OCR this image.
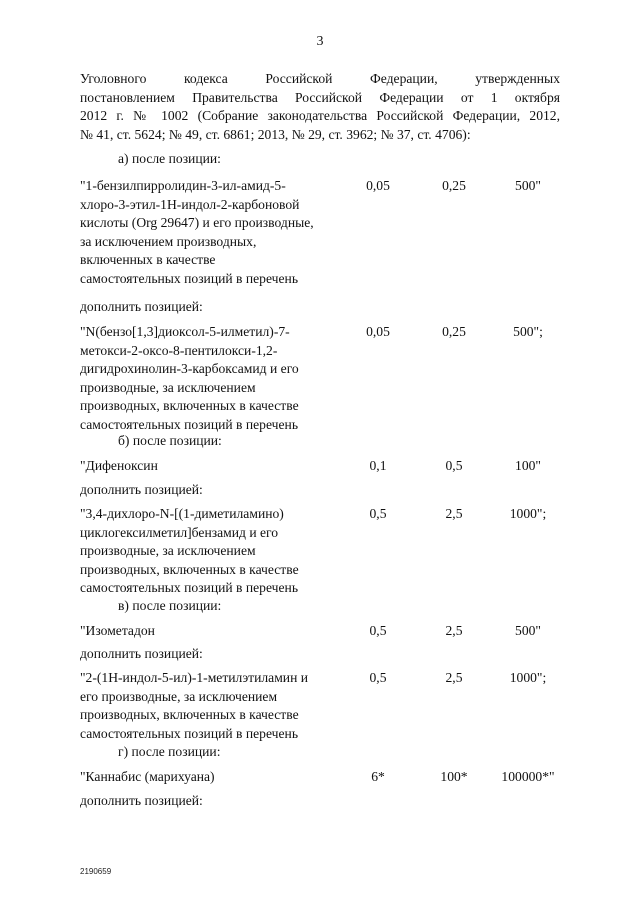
3
Уголовного кодекса Российской Федерации, утвержденных
постановлением Правительства Российской Федерации от 1 октября
2012 г. № 1002 (Собрание законодательства Российской Федерации, 2012,
№ 41, ст. 5624; № 49, ст. 6861; 2013, № 29, ст. 3962; № 37, ст. 4706):
а) после позиции:
"1-бензилпирролидин-3-ил-амид-5-
хлоро-3-этил-1Н-индол-2-карбоновой
кислоты (Org 29647) и его производные,
за исключением производных,
включенных в качестве
самостоятельных позиций в перечень
0,05	0,25	500"
дополнить позицией:
"N(бензо[1,3]диоксол-5-илметил)-7-
метокси-2-оксо-8-пентилокси-1,2-
дигидрохинолин-3-карбоксамид и его
производные, за исключением
производных, включенных в качестве
самостоятельных позиций в перечень
0,05	0,25	500";
б) после позиции:
"Дифеноксин	0,1	0,5	100"
дополнить позицией:
"3,4-дихлоро-N-[(1-диметиламино)
циклогексилметил]бензамид и его
производные, за исключением
производных, включенных в качестве
самостоятельных позиций в перечень
0,5	2,5	1000";
в) после позиции:
"Изометадон	0,5	2,5	500"
дополнить позицией:
"2-(1Н-индол-5-ил)-1-метилэтиламин и
его производные, за исключением
производных, включенных в качестве
самостоятельных позиций в перечень
0,5	2,5	1000";
г) после позиции:
"Каннабис (марихуана)	6*	100*	100000*"
дополнить позицией:
2190659
